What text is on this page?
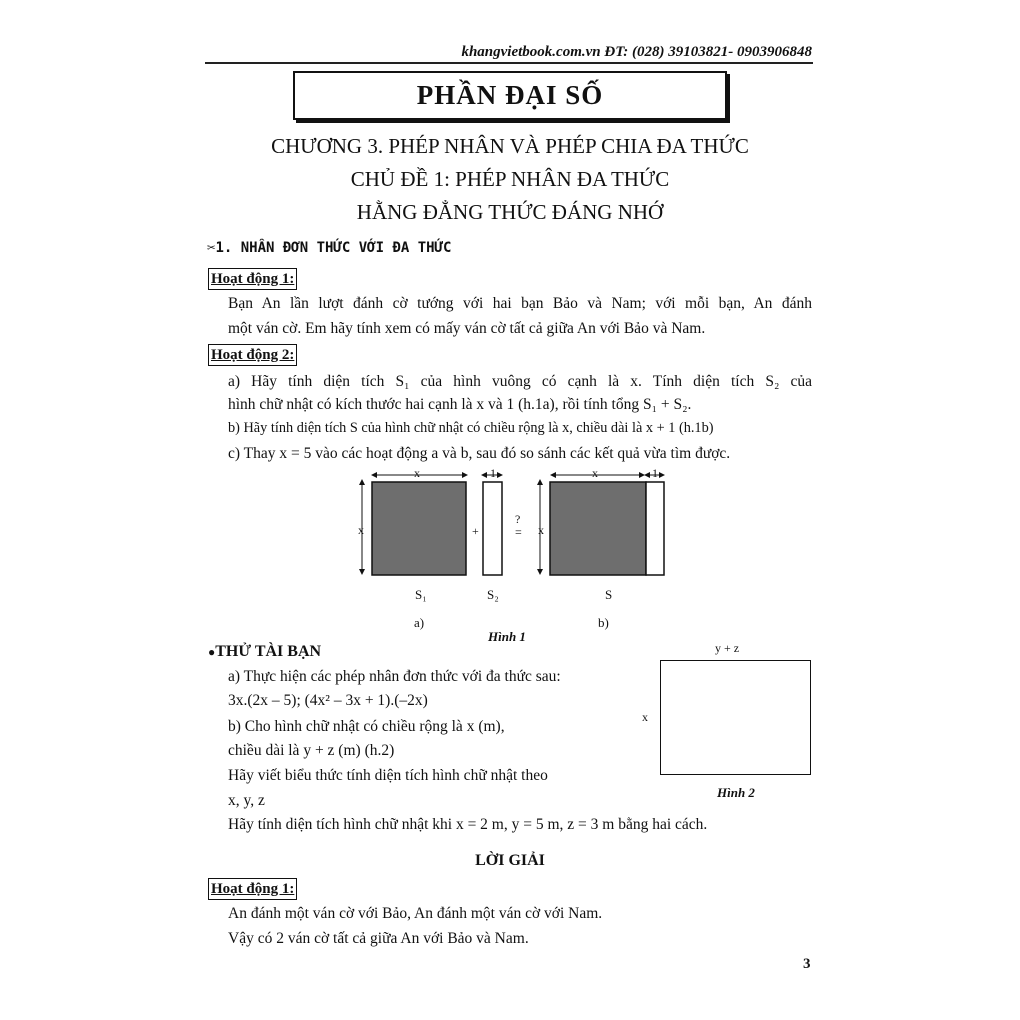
khangvietbook.com.vn ĐT: (028) 39103821- 0903906848
PHẦN ĐẠI SỐ
CHƯƠNG 3. PHÉP NHÂN VÀ PHÉP CHIA ĐA THỨC
CHỦ ĐỀ 1: PHÉP NHÂN ĐA THỨC
HẰNG ĐẲNG THỨC ĐÁNG NHỚ
✂1. NHÂN ĐƠN THỨC VỚI ĐA THỨC
Hoạt động 1:
Bạn An lần lượt đánh cờ tướng với hai bạn Bảo và Nam; với mỗi bạn, An đánh
một ván cờ. Em hãy tính xem có mấy ván cờ tất cả giữa An với Bảo và Nam.
Hoạt động 2:
a) Hãy tính diện tích S₁ của hình vuông có cạnh là x. Tính diện tích S₂ của
hình chữ nhật có kích thước hai cạnh là x và 1 (h.1a), rồi tính tổng S₁ + S₂.
b) Hãy tính diện tích S của hình chữ nhật có chiều rộng là x, chiều dài là x + 1 (h.1b)
c) Thay x = 5 vào các hoạt động a và b, sau đó so sánh các kết quả vừa tìm được.
x	1	x	1
x	x
+
?
=
S₁	S₂	S
a)	b)
Hình 1
●THỬ TÀI BẠN
a) Thực hiện các phép nhân đơn thức với đa thức sau:
3x.(2x – 5); (4x² – 3x + 1).(–2x)
b) Cho hình chữ nhật có chiều rộng là x (m),
chiều dài là y + z (m) (h.2)
Hãy viết biểu thức tính diện tích hình chữ nhật theo
x, y, z
Hãy tính diện tích hình chữ nhật khi x = 2 m, y = 5 m, z = 3 m bằng hai cách.
y + z
x
Hình 2
LỜI GIẢI
Hoạt động 1:
An đánh một ván cờ với Bảo, An đánh một ván cờ với Nam.
Vậy có 2 ván cờ tất cả giữa An với Bảo và Nam.
3
